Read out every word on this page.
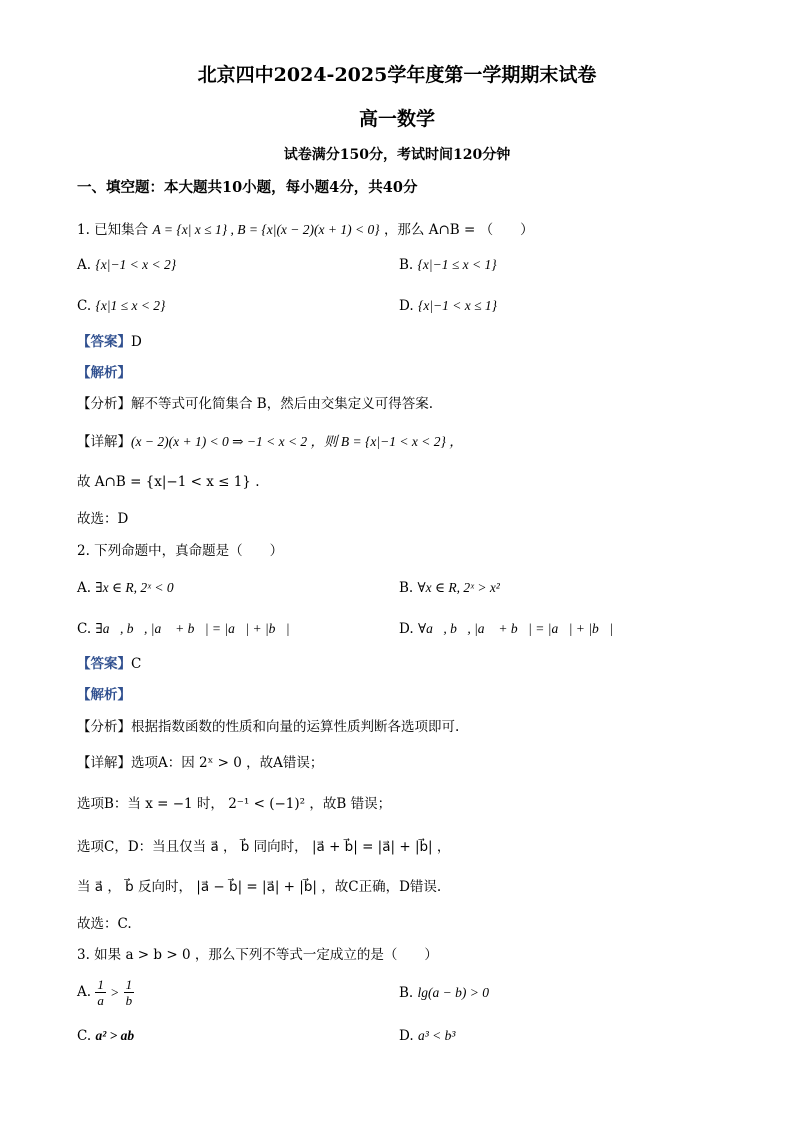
北京四中2024-2025学年度第一学期期末试卷
高一数学
试卷满分150分，考试时间120分钟
一、填空题：本大题共10小题，每小题4分，共40分
1. 已知集合 A = {x| x ≤ 1} , B = {x|(x − 2)(x + 1) < 0} ，那么 A∩B = （　　）
A. {x|−1 < x < 2}	B. {x|−1 ≤ x < 1}
C. {x|1 ≤ x < 2}	D. {x|−1 < x ≤ 1}
【答案】D
【解析】
【分析】解不等式可化简集合 B，然后由交集定义可得答案.
【详解】(x − 2)(x + 1) < 0 ⇒ −1 < x < 2 ，则 B = {x|−1 < x < 2} ，
故 A∩B = {x|−1 < x ≤ 1} .
故选：D
2. 下列命题中，真命题是（　　）
A. ∃x ∈ R, 2ˣ < 0	B. ∀x ∈ R, 2ˣ > x²
C. ∃a⃗, b⃗, |a⃗ + b⃗| = |a⃗| + |b⃗|	D. ∀a⃗, b⃗, |a⃗ + b⃗| = |a⃗| + |b⃗|
【答案】C
【解析】
【分析】根据指数函数的性质和向量的运算性质判断各选项即可.
【详解】选项A：因 2ˣ > 0 ，故A错误；
选项B：当 x = −1 时， 2⁻¹ < (−1)² ，故B 错误；
选项C，D：当且仅当 a⃗ ， b⃗ 同向时， |a⃗ + b⃗| = |a⃗| + |b⃗| ，
当 a⃗ ， b⃗ 反向时， |a⃗ − b⃗| = |a⃗| + |b⃗| ，故C正确，D错误.
故选：C.
3. 如果 a > b > 0 ，那么下列不等式一定成立的是（　　）
A. $\frac{1}{a} > \frac{1}{b}$	B. lg(a − b) > 0
C. a² > ab	D. a³ < b³
